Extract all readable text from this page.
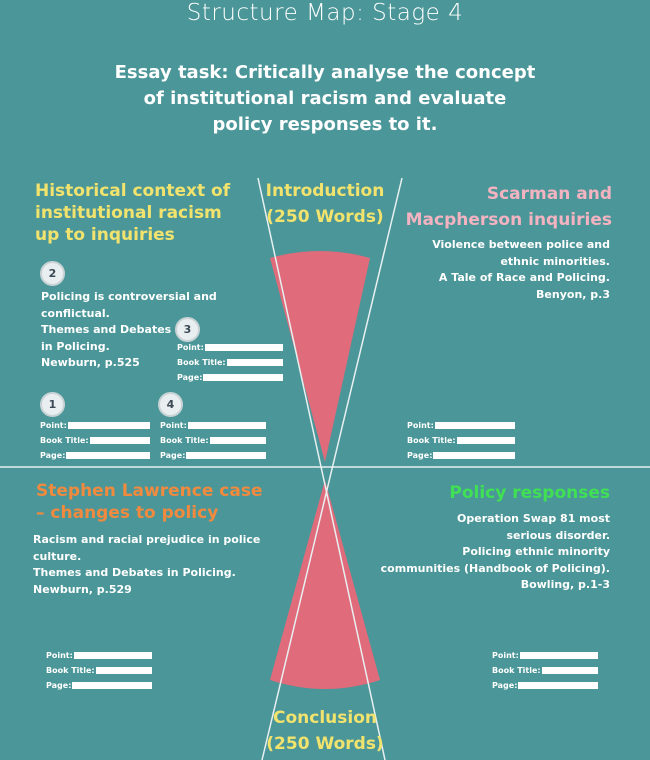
Structure Map: Stage 4
Essay task: Critically analyse the concept
of institutional racism and evaluate
policy responses to it.
Introduction
(250 Words)
Historical context of
institutional racism
up to inquiries
2
Policing is controversial and
conflictual.
Themes and Debates
in Policing.
Newburn, p.525
3
Point:
Book Title:
Page:
1
Point:
Book Title:
Page:
4
Point:
Book Title:
Page:
Scarman and
Macpherson inquiries
Violence between police and
ethnic minorities.
A Tale of Race and Policing.
Benyon, p.3
Point:
Book Title:
Page:
Stephen Lawrence case
– changes to policy
Racism and racial prejudice in police
culture.
Themes and Debates in Policing.
Newburn, p.529
Point:
Book Title:
Page:
Policy responses
Operation Swap 81 most
serious disorder.
Policing ethnic minority
communities (Handbook of Policing).
Bowling, p.1-3
Point:
Book Title:
Page:
Conclusion
(250 Words)
